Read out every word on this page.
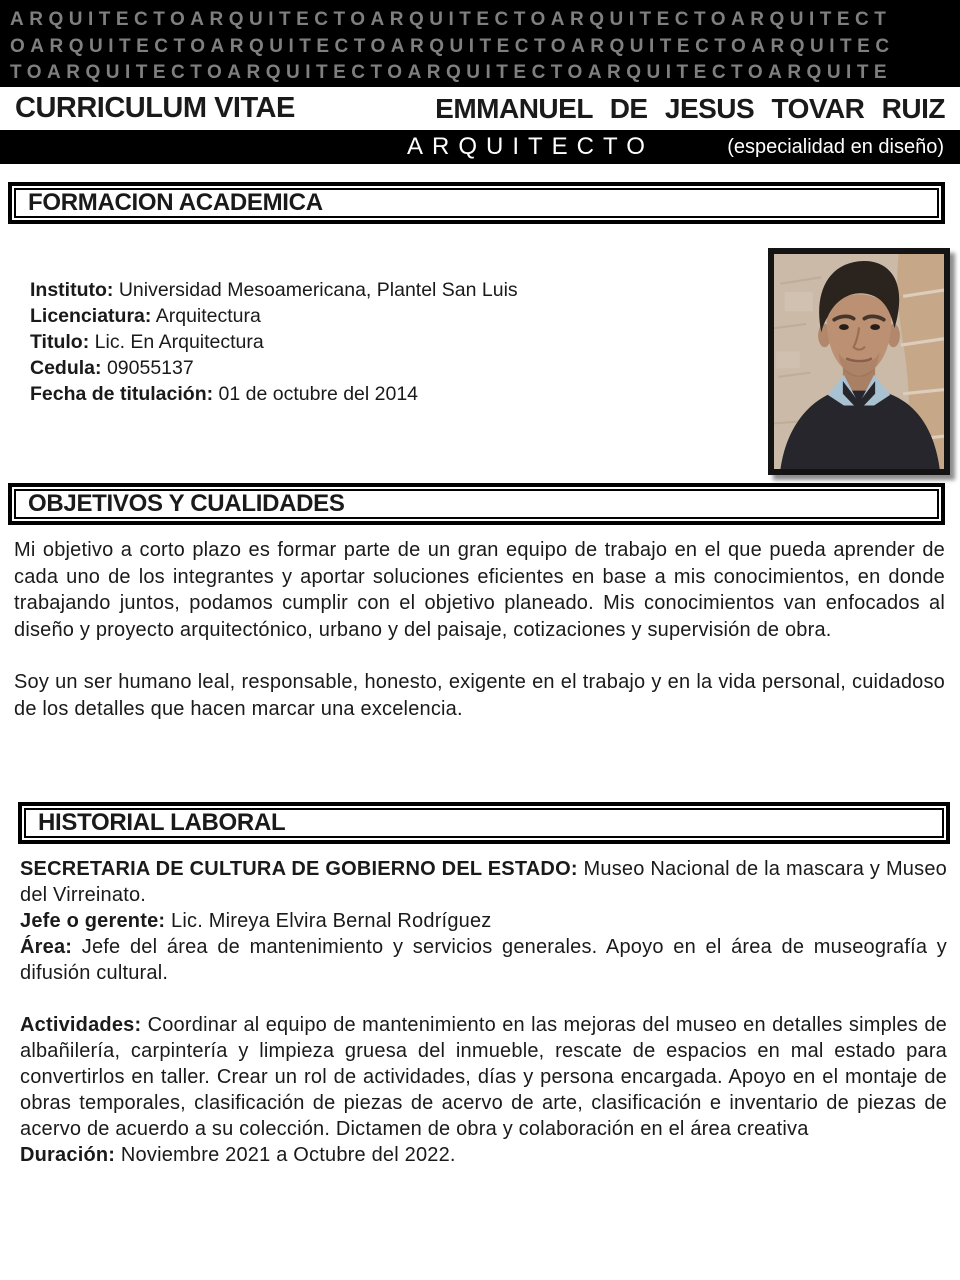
ARQUITECTOARQUITECTOARQUITECTOARQUITECTOARQUITECT
OARQUITECTOARQUITECTOARQUITECTOARQUITECTOARQUITEC
TOARQUITECTOARQUITECTOARQUITECTOARQUITECTOARQUITE
CURRICULUM VITAE	EMMANUEL DE JESUS TOVAR RUIZ
ARQUITECTO	(especialidad en diseño)
FORMACION ACADEMICA
Instituto: Universidad Mesoamericana, Plantel San Luis
Licenciatura: Arquitectura
Titulo: Lic. En Arquitectura
Cedula: 09055137
Fecha de titulación: 01 de octubre del 2014
OBJETIVOS Y CUALIDADES

Mi objetivo a corto plazo es formar parte de un gran equipo de trabajo en el que pueda aprender de cada uno de los integrantes y aportar soluciones eficientes en base a mis conocimientos, en donde trabajando juntos, podamos cumplir con el objetivo planeado. Mis conocimientos van enfocados al diseño y proyecto arquitectónico, urbano y del paisaje, cotizaciones y supervisión de obra.

Soy un ser humano leal, responsable, honesto, exigente en el trabajo y en la vida personal, cuidadoso de los detalles que hacen marcar una excelencia.

HISTORIAL LABORAL
SECRETARIA DE CULTURA DE GOBIERNO DEL ESTADO: Museo Nacional de la mascara y Museo del Virreinato.
Jefe o gerente: Lic. Mireya Elvira Bernal Rodríguez
Área: Jefe del área de mantenimiento y servicios generales. Apoyo en el área de museografía y difusión cultural.
Actividades: Coordinar al equipo de mantenimiento en las mejoras del museo en detalles simples de albañilería, carpintería y limpieza gruesa del inmueble, rescate de espacios en mal estado para convertirlos en taller. Crear un rol de actividades, días y persona encargada. Apoyo en el montaje de obras temporales, clasificación de piezas de acervo de arte, clasificación e inventario de piezas de acervo de acuerdo a su colección. Dictamen de obra y colaboración en el área creativa
Duración: Noviembre 2021 a Octubre del 2022.
